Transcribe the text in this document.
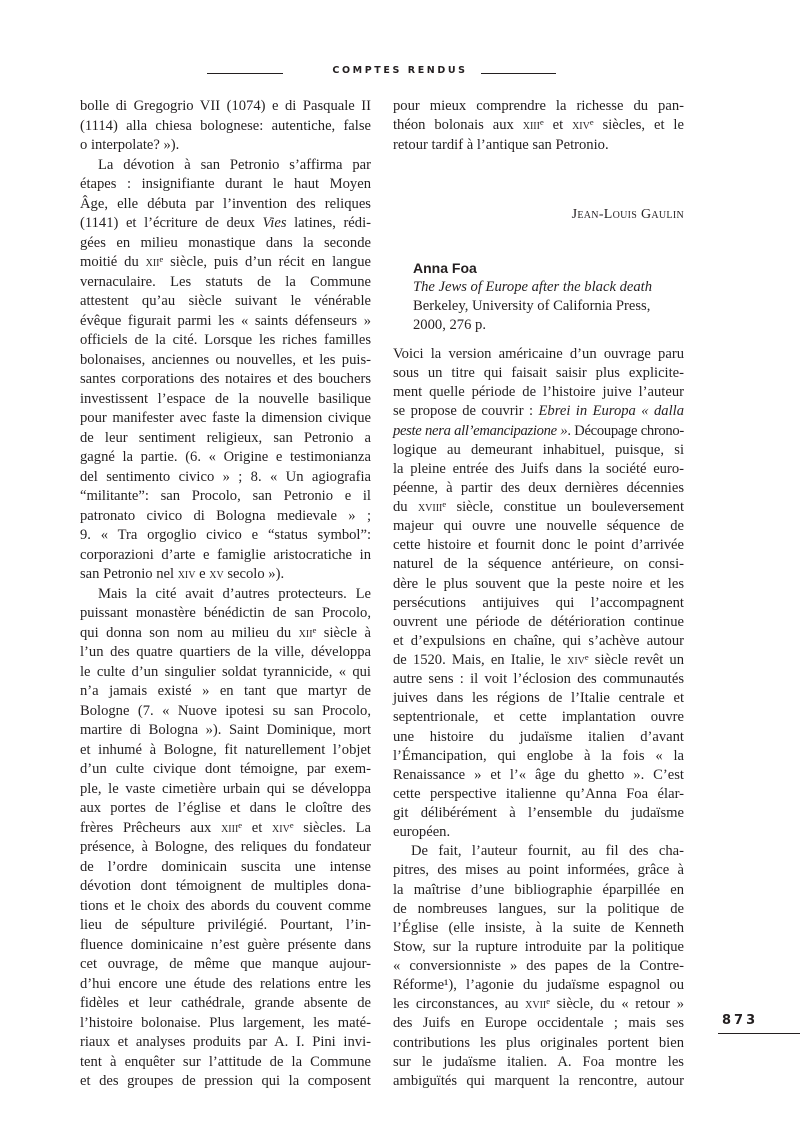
COMPTES RENDUS
bolle di Gregogrio VII (1074) e di Pasquale II
(1114) alla chiesa bolognese: autentiche, false
o interpolate? »).
La dévotion à san Petronio s’affirma par
étapes : insignifiante durant le haut Moyen
Âge, elle débuta par l’invention des reliques
(1141) et l’écriture de deux Vies latines, rédi-
gées en milieu monastique dans la seconde
moitié du xiiᵉ siècle, puis d’un récit en langue
vernaculaire. Les statuts de la Commune
attestent qu’au siècle suivant le vénérable
évêque figurait parmi les « saints défenseurs »
officiels de la cité. Lorsque les riches familles
bolonaises, anciennes ou nouvelles, et les puis-
santes corporations des notaires et des bouchers
investissent l’espace de la nouvelle basilique
pour manifester avec faste la dimension civique
de leur sentiment religieux, san Petronio a
gagné la partie. (6. « Origine e testimonianza
del sentimento civico » ; 8. « Un agiografia
“militante”: san Procolo, san Petronio e il
patronato civico di Bologna medievale » ;
9. « Tra orgoglio civico e “status symbol”:
corporazioni d’arte e famiglie aristocratiche in
san Petronio nel xiv e xv secolo »).
Mais la cité avait d’autres protecteurs. Le
puissant monastère bénédictin de san Procolo,
qui donna son nom au milieu du xiiᵉ siècle à
l’un des quatre quartiers de la ville, développa
le culte d’un singulier soldat tyrannicide, « qui
n’a jamais existé » en tant que martyr de
Bologne (7. « Nuove ipotesi su san Procolo,
martire di Bologna »). Saint Dominique, mort
et inhumé à Bologne, fit naturellement l’objet
d’un culte civique dont témoigne, par exem-
ple, le vaste cimetière urbain qui se développa
aux portes de l’église et dans le cloître des
frères Prêcheurs aux xiiiᵉ et xivᵉ siècles. La
présence, à Bologne, des reliques du fondateur
de l’ordre dominicain suscita une intense
dévotion dont témoignent de multiples dona-
tions et le choix des abords du couvent comme
lieu de sépulture privilégié. Pourtant, l’in-
fluence dominicaine n’est guère présente dans
cet ouvrage, de même que manque aujour-
d’hui encore une étude des relations entre les
fidèles et leur cathédrale, grande absente de
l’histoire bolonaise. Plus largement, les maté-
riaux et analyses produits par A. I. Pini invi-
tent à enquêter sur l’attitude de la Commune
et des groupes de pression qui la composent
pour mieux comprendre la richesse du pan-
théon bolonais aux xiiiᵉ et xivᵉ siècles, et le
retour tardif à l’antique san Petronio.
Jean-Louis Gaulin
Anna Foa
The Jews of Europe after the black death
Berkeley, University of California Press,
2000, 276 p.
Voici la version américaine d’un ouvrage paru
sous un titre qui faisait saisir plus explicite-
ment quelle période de l’histoire juive l’auteur
se propose de couvrir : Ebrei in Europa « dalla
peste nera all’emancipazione ». Découpage chrono-
logique au demeurant inhabituel, puisque, si
la pleine entrée des Juifs dans la société euro-
péenne, à partir des deux dernières décennies
du xviiiᵉ siècle, constitue un bouleversement
majeur qui ouvre une nouvelle séquence de
cette histoire et fournit donc le point d’arrivée
naturel de la séquence antérieure, on consi-
dère le plus souvent que la peste noire et les
persécutions antijuives qui l’accompagnent
ouvrent une période de détérioration continue
et d’expulsions en chaîne, qui s’achève autour
de 1520. Mais, en Italie, le xivᵉ siècle revêt un
autre sens : il voit l’éclosion des communautés
juives dans les régions de l’Italie centrale et
septentrionale, et cette implantation ouvre
une histoire du judaïsme italien d’avant
l’Émancipation, qui englobe à la fois « la
Renaissance » et l’« âge du ghetto ». C’est
cette perspective italienne qu’Anna Foa élar-
git délibérément à l’ensemble du judaïsme
européen.
De fait, l’auteur fournit, au fil des cha-
pitres, des mises au point informées, grâce à
la maîtrise d’une bibliographie éparpillée en
de nombreuses langues, sur la politique de
l’Église (elle insiste, à la suite de Kenneth
Stow, sur la rupture introduite par la politique
« conversionniste » des papes de la Contre-
Réforme¹), l’agonie du judaïsme espagnol ou
les circonstances, au xviiᵉ siècle, du « retour »
des Juifs en Europe occidentale ; mais ses
contributions les plus originales portent bien
sur le judaïsme italien. A. Foa montre les
ambiguïtés qui marquent la rencontre, autour
873
